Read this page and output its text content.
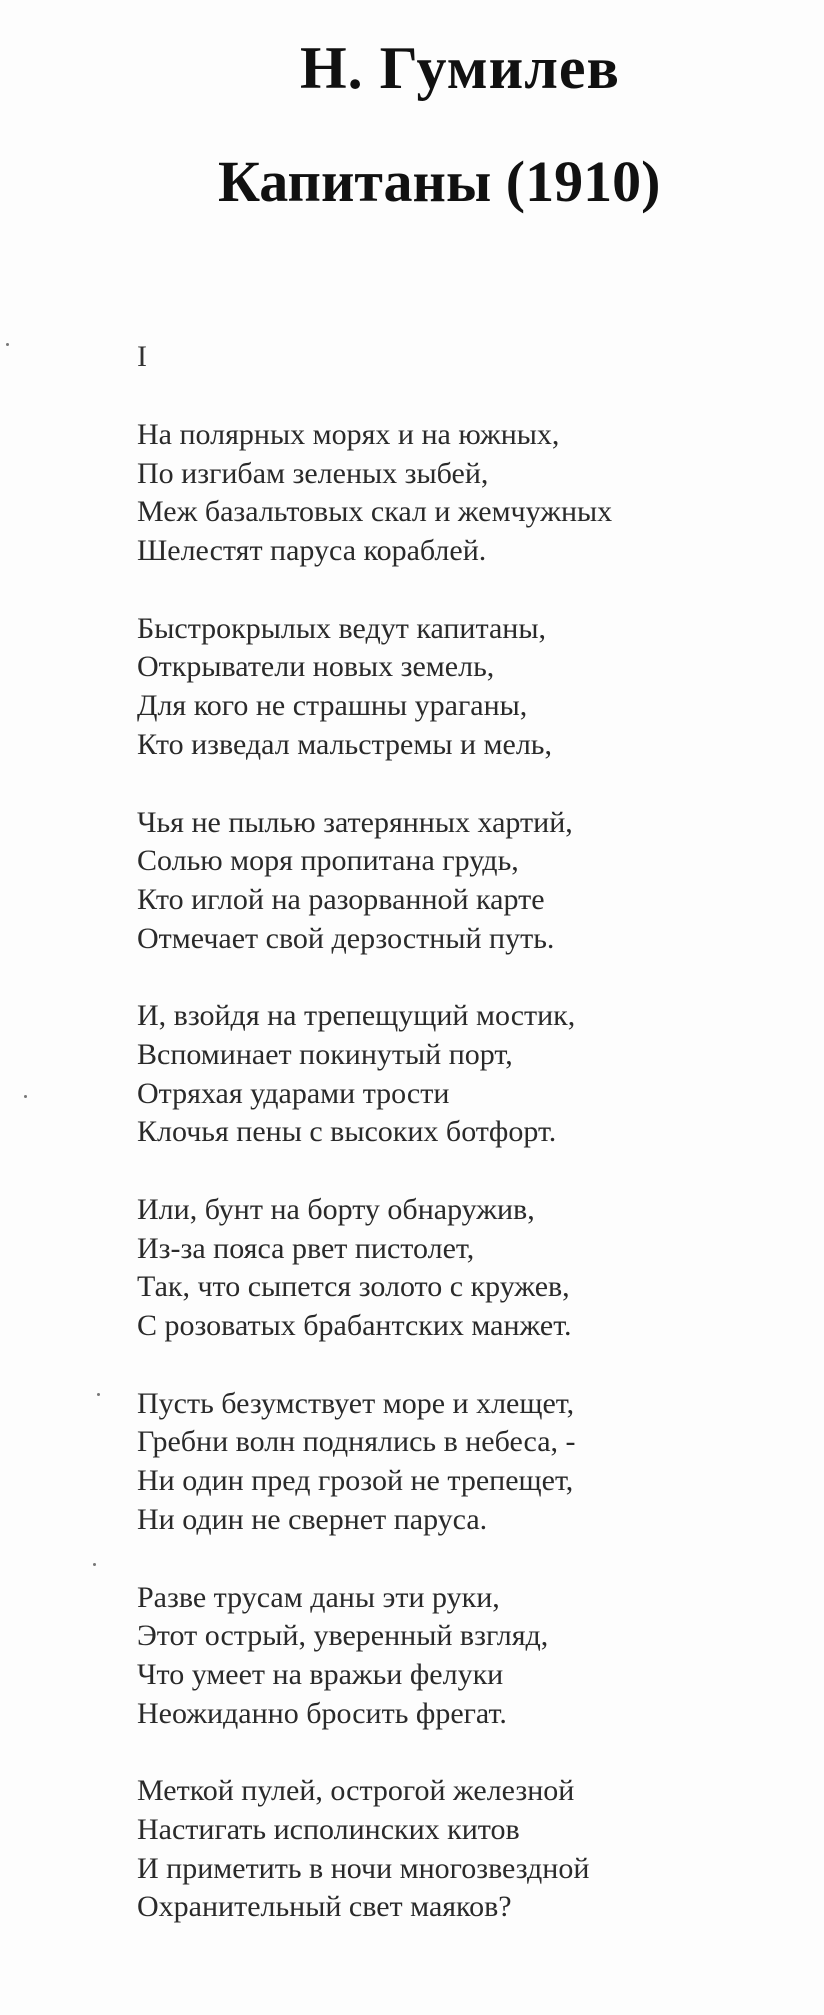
Н. Гумилев
Капитаны (1910)
I
На полярных морях и на южных,
По изгибам зеленых зыбей,
Меж базальтовых скал и жемчужных
Шелестят паруса кораблей.
Быстрокрылых ведут капитаны,
Открыватели новых земель,
Для кого не страшны ураганы,
Кто изведал мальстремы и мель,
Чья не пылью затерянных хартий,
Солью моря пропитана грудь,
Кто иглой на разорванной карте
Отмечает свой дерзостный путь.
И, взойдя на трепещущий мостик,
Вспоминает покинутый порт,
Отряхая ударами трости
Клочья пены с высоких ботфорт.
Или, бунт на борту обнаружив,
Из-за пояса рвет пистолет,
Так, что сыпется золото с кружев,
С розоватых брабантских манжет.
Пусть безумствует море и хлещет,
Гребни волн поднялись в небеса, -
Ни один пред грозой не трепещет,
Ни один не свернет паруса.
Разве трусам даны эти руки,
Этот острый, уверенный взгляд,
Что умеет на вражьи фелуки
Неожиданно бросить фрегат.
Меткой пулей, острогой железной
Настигать исполинских китов
И приметить в ночи многозвездной
Охранительный свет маяков?
